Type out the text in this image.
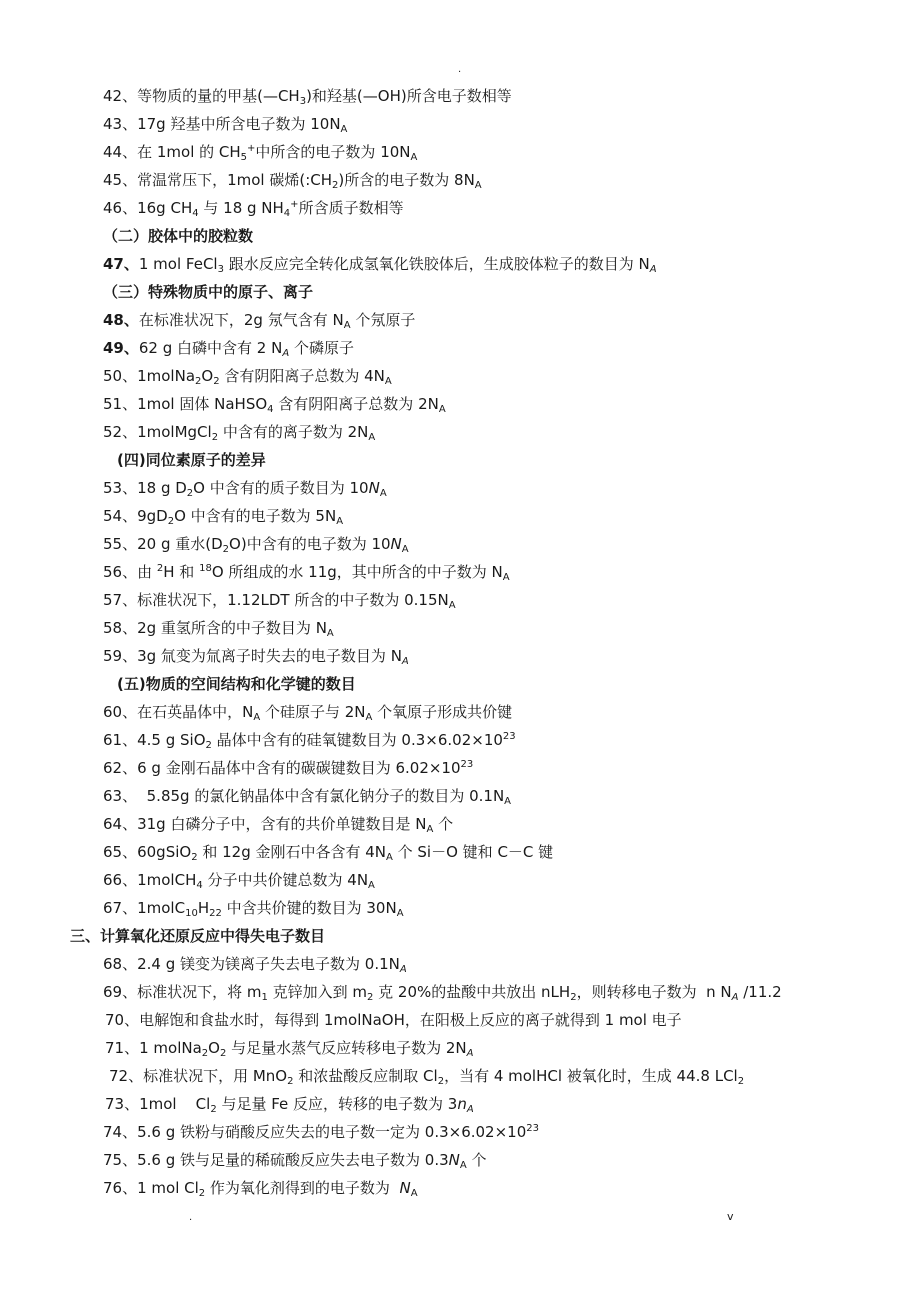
.
42、等物质的量的甲基$(—CH_3)$和羟基(—OH)所含电子数相等
43、17g 羟基中所含电子数为 $10N_A$
44、在 1mol 的 $CH_5^+$中所含的电子数为 $10N_A$
45、常温常压下，1mol 碳烯$(:CH_2)$所含的电子数为 $8N_A$
46、16g $CH_4$ 与 18 g $NH_4^+$所含质子数相等
（二）胶体中的胶粒数
47、1 mol FeCl$_3$ 跟水反应完全转化成氢氧化铁胶体后，生成胶体粒子的数目为 $N_A$
（三）特殊物质中的原子、离子
48、在标准状况下，2g 氖气含有 $N_A$ 个氖原子
49、62 g 白磷中含有 2 $N_A$ 个磷原子
50、$1molNa_2O_2$ 含有阴阳离子总数为 $4N_A$
51、1mol 固体 NaHSO$_4$ 含有阴阳离子总数为 $2N_A$
52、1molMgCl$_2$ 中含有的离子数为 $2N_A$
(四)同位素原子的差异
53、18 g $D_2O$ 中含有的质子数目为 $10N_A$
54、$9gD_2O$ 中含有的电子数为 $5N_A$
55、20 g 重水$(D_2O)$中含有的电子数为 $10N_A$
56、由 $^2$H 和 $^{18}$O 所组成的水 11g，其中所含的中子数为 $N_A$
57、标准状况下，1.12LDT 所含的中子数为 $0.15N_A$
58、2g 重氢所含的中子数目为 $N_A$
59、3g 氚变为氚离子时失去的电子数目为 $N_A$
(五)物质的空间结构和化学键的数目
60、在石英晶体中，$N_A$ 个硅原子与 $2N_A$ 个氧原子形成共价键
61、4.5 g SiO$_2$ 晶体中含有的硅氧键数目为 $0.3\times 6.02\times 10^{23}$
62、6 g 金刚石晶体中含有的碳碳键数目为 $6.02\times 10^{23}$
63、  5.85g 的氯化钠晶体中含有氯化钠分子的数目为 $0.1N_A$
64、31g 白磷分子中，含有的共价单键数目是 $N_A$ 个
65、60gSiO$_2$ 和 12g 金刚石中各含有 $4N_A$ 个 Si－O 键和 C－C 键
66、1molCH$_4$ 分子中共价键总数为 $4N_A$
67、$1molC_{10}H_{22}$ 中含共价键的数目为 $30N_A$
三、计算氧化还原反应中得失电子数目
68、2.4 g 镁变为镁离子失去电子数为 $0.1N_A$
69、标准状况下，将 $m_1$ 克锌加入到 $m_2$ 克 20%的盐酸中共放出 nLH$_2$，则转移电子数为  n $N_A$ /11.2
70、电解饱和食盐水时，每得到 1molNaOH，在阳极上反应的离子就得到 1 mol 电子
71、1 $molNa_2O_2$ 与足量水蒸气反应转移电子数为 $2N_A$
72、标准状况下，用 MnO$_2$ 和浓盐酸反应制取 $Cl_2$，当有 4 molHCl 被氧化时，生成 44.8 LCl$_2$
73、1mol    $Cl_2$ 与足量 Fe 反应，转移的电子数为 $3n_A$
74、5.6 g 铁粉与硝酸反应失去的电子数一定为 $0.3\times 6.02\times 10^{23}$
75、5.6 g 铁与足量的稀硫酸反应失去电子数为 $0.3N_A$ 个
76、1 mol $Cl_2$ 作为氧化剂得到的电子数为  $N_A$
.	v
